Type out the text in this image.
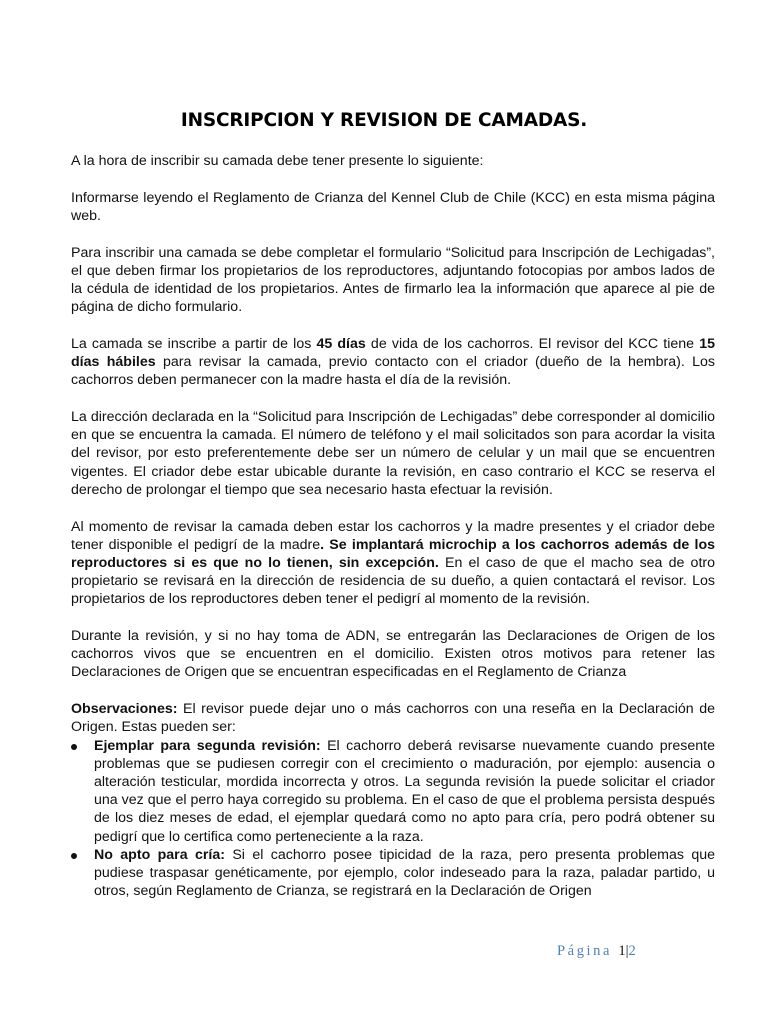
INSCRIPCION Y REVISION DE CAMADAS.

A la hora de inscribir su camada debe tener presente lo siguiente:

Informarse leyendo el Reglamento de Crianza del Kennel Club de Chile (KCC) en esta misma página web.

Para inscribir una camada se debe completar el formulario “Solicitud para Inscripción de Lechigadas”, el que deben firmar los propietarios de los reproductores, adjuntando fotocopias por ambos lados de la cédula de identidad de los propietarios. Antes de firmarlo lea la información que aparece al pie de página de dicho formulario.

La camada se inscribe a partir de los 45 días de vida de los cachorros. El revisor del KCC tiene 15 días hábiles para revisar la camada, previo contacto con el criador (dueño de la hembra). Los cachorros deben permanecer con la madre hasta el día de la revisión.

La dirección declarada en la “Solicitud para Inscripción de Lechigadas” debe corresponder al domicilio en que se encuentra la camada. El número de teléfono y el mail solicitados son para acordar la visita del revisor, por esto preferentemente debe ser un número de celular y un mail que se encuentren vigentes. El criador debe estar ubicable durante la revisión, en caso contrario el KCC se reserva el derecho de prolongar el tiempo que sea necesario hasta efectuar la revisión.

Al momento de revisar la camada deben estar los cachorros y la madre presentes y el criador debe tener disponible el pedigrí de la madre. Se implantará microchip a los cachorros además de los reproductores si es que no lo tienen, sin excepción. En el caso de que el macho sea de otro propietario se revisará en la dirección de residencia de su dueño, a quien contactará el revisor. Los propietarios de los reproductores deben tener el pedigrí al momento de la revisión.

Durante la revisión, y si no hay toma de ADN, se entregarán las Declaraciones de Origen de los cachorros vivos que se encuentren en el domicilio. Existen otros motivos para retener las Declaraciones de Origen que se encuentran especificadas en el Reglamento de Crianza

Observaciones: El revisor puede dejar uno o más cachorros con una reseña en la Declaración de Origen. Estas pueden ser:

Ejemplar para segunda revisión: El cachorro deberá revisarse nuevamente cuando presente problemas que se pudiesen corregir con el crecimiento o maduración, por ejemplo: ausencia o alteración testicular, mordida incorrecta y otros. La segunda revisión la puede solicitar el criador una vez que el perro haya corregido su problema. En el caso de que el problema persista después de los diez meses de edad, el ejemplar quedará como no apto para cría, pero podrá obtener su pedigrí que lo certifica como perteneciente a la raza.
No apto para cría: Si el cachorro posee tipicidad de la raza, pero presenta problemas que pudiese traspasar genéticamente, por ejemplo, color indeseado para la raza, paladar partido, u otros, según Reglamento de Crianza, se registrará en la Declaración de Origen
Página 1|2
